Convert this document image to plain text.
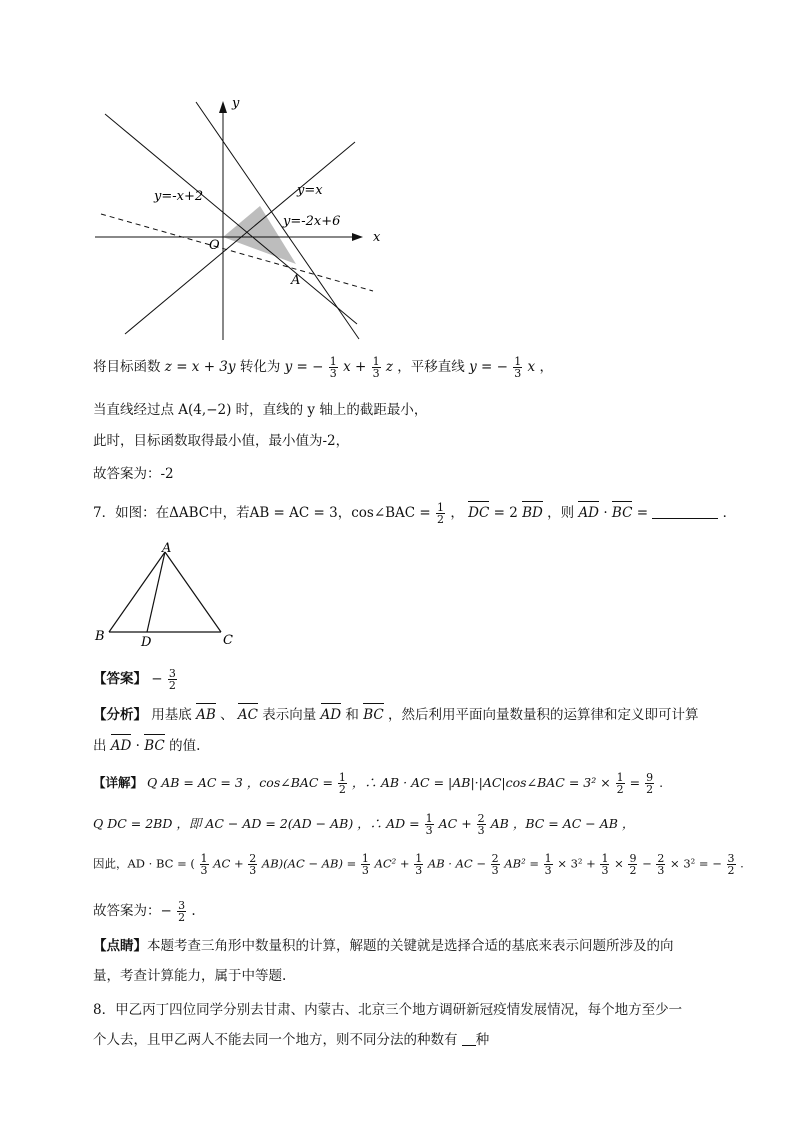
y
x
O
A
y=-x+2	y=x
y=-2x+6
将目标函数 z = x + 3y 转化为 y = − $\frac{1}{3}$ $x + \frac{1}{3}$ z ，平移直线 y = − $\frac{1}{3}$ x ，
当直线经过点 A(4,−2) 时，直线的 y 轴上的截距最小，
此时，目标函数取得最小值，最小值为-2，
故答案为：-2
7．如图：在ΔABC中，若AB = AC = 3，cos∠BAC = $\frac{1}{2}$ ， DC = 2 BD ，则 AD · BC =	．
A
B	C
D
【答案】 − $\frac{3}{2}$
【分析】 用基底 AB 、 AC 表示向量 AD 和 BC ，然后利用平面向量数量积的运算律和定义即可计算
出 AD · BC 的值.
【详解】 Q AB = AC = 3 ，cos∠BAC = $\frac{1}{2}$ ，∴ AB · AC = |AB|·|AC|cos∠BAC = $3^2 \times \frac{1}{2} = \frac{9}{2}$ .
Q DC = 2BD ，即 AC − AD = 2(AD − AB) ，∴ AD = $\frac{1}{3}$ AC + $\frac{2}{3}$ AB ，BC = AC − AB ，
因此，AD · BC = ( $\frac{1}{3}$ AC + $\frac{2}{3} AB)(AC - AB) = \frac{1}{3} AC^2 + \frac{1}{3}$ AB · AC − $\frac{2}{3} AB^2 = \frac{1}{3} \times 3^2 + \frac{1}{3} \times \frac{9}{2} - \frac{2}{3} \times 3^2$ = − $\frac{3}{2}$ .
故答案为：− $\frac{3}{2}$ .
【点睛】本题考查三角形中数量积的计算，解题的关键就是选择合适的基底来表示问题所涉及的向
量，考查计算能力，属于中等题.
8．甲乙丙丁四位同学分别去甘肃、内蒙古、北京三个地方调研新冠疫情发展情况，每个地方至少一
个人去，且甲乙两人不能去同一个地方，则不同分法的种数有 种
